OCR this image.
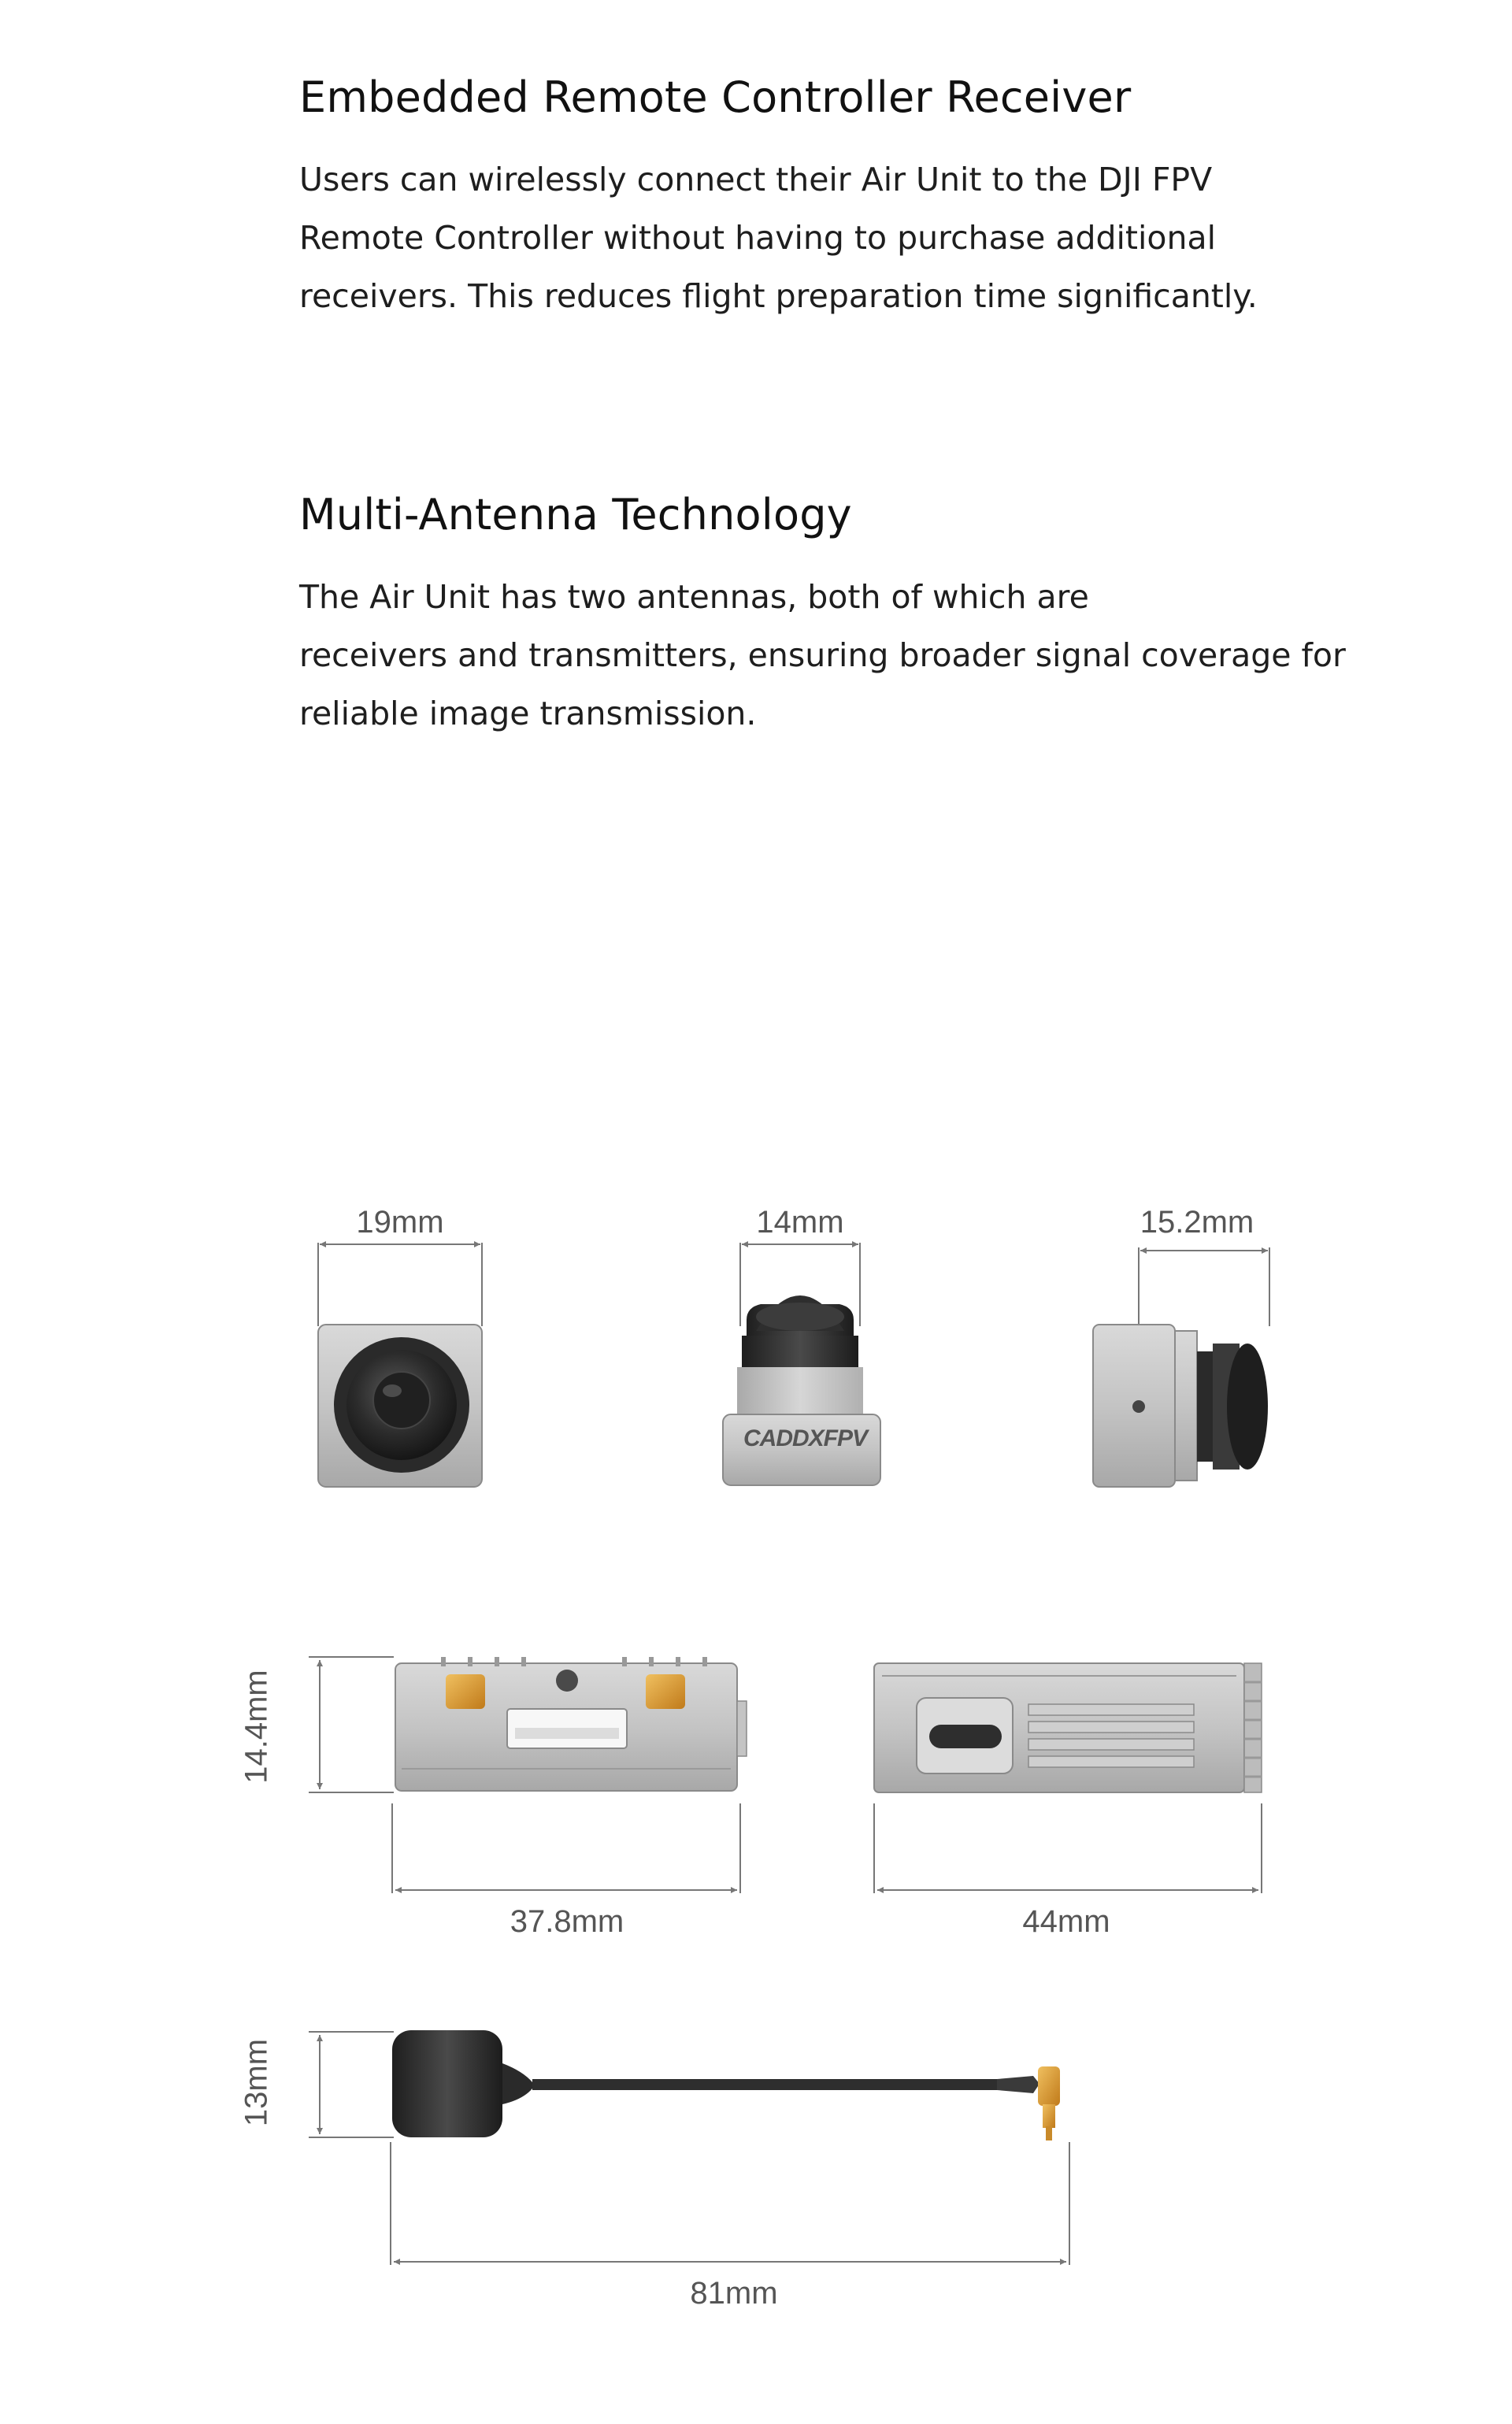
Embedded Remote Controller Receiver

Users can wirelessly connect their Air Unit to the DJI FPV
Remote Controller without having to purchase additional
receivers. This reduces flight preparation time significantly.

Multi-Antenna Technology

The Air Unit has two antennas, both of which are
receivers and transmitters, ensuring broader signal coverage for
reliable image transmission.

CADDXFPV
19mm	14mm	15.2mm
14.4mm
37.8mm	44mm
13mm
81mm
